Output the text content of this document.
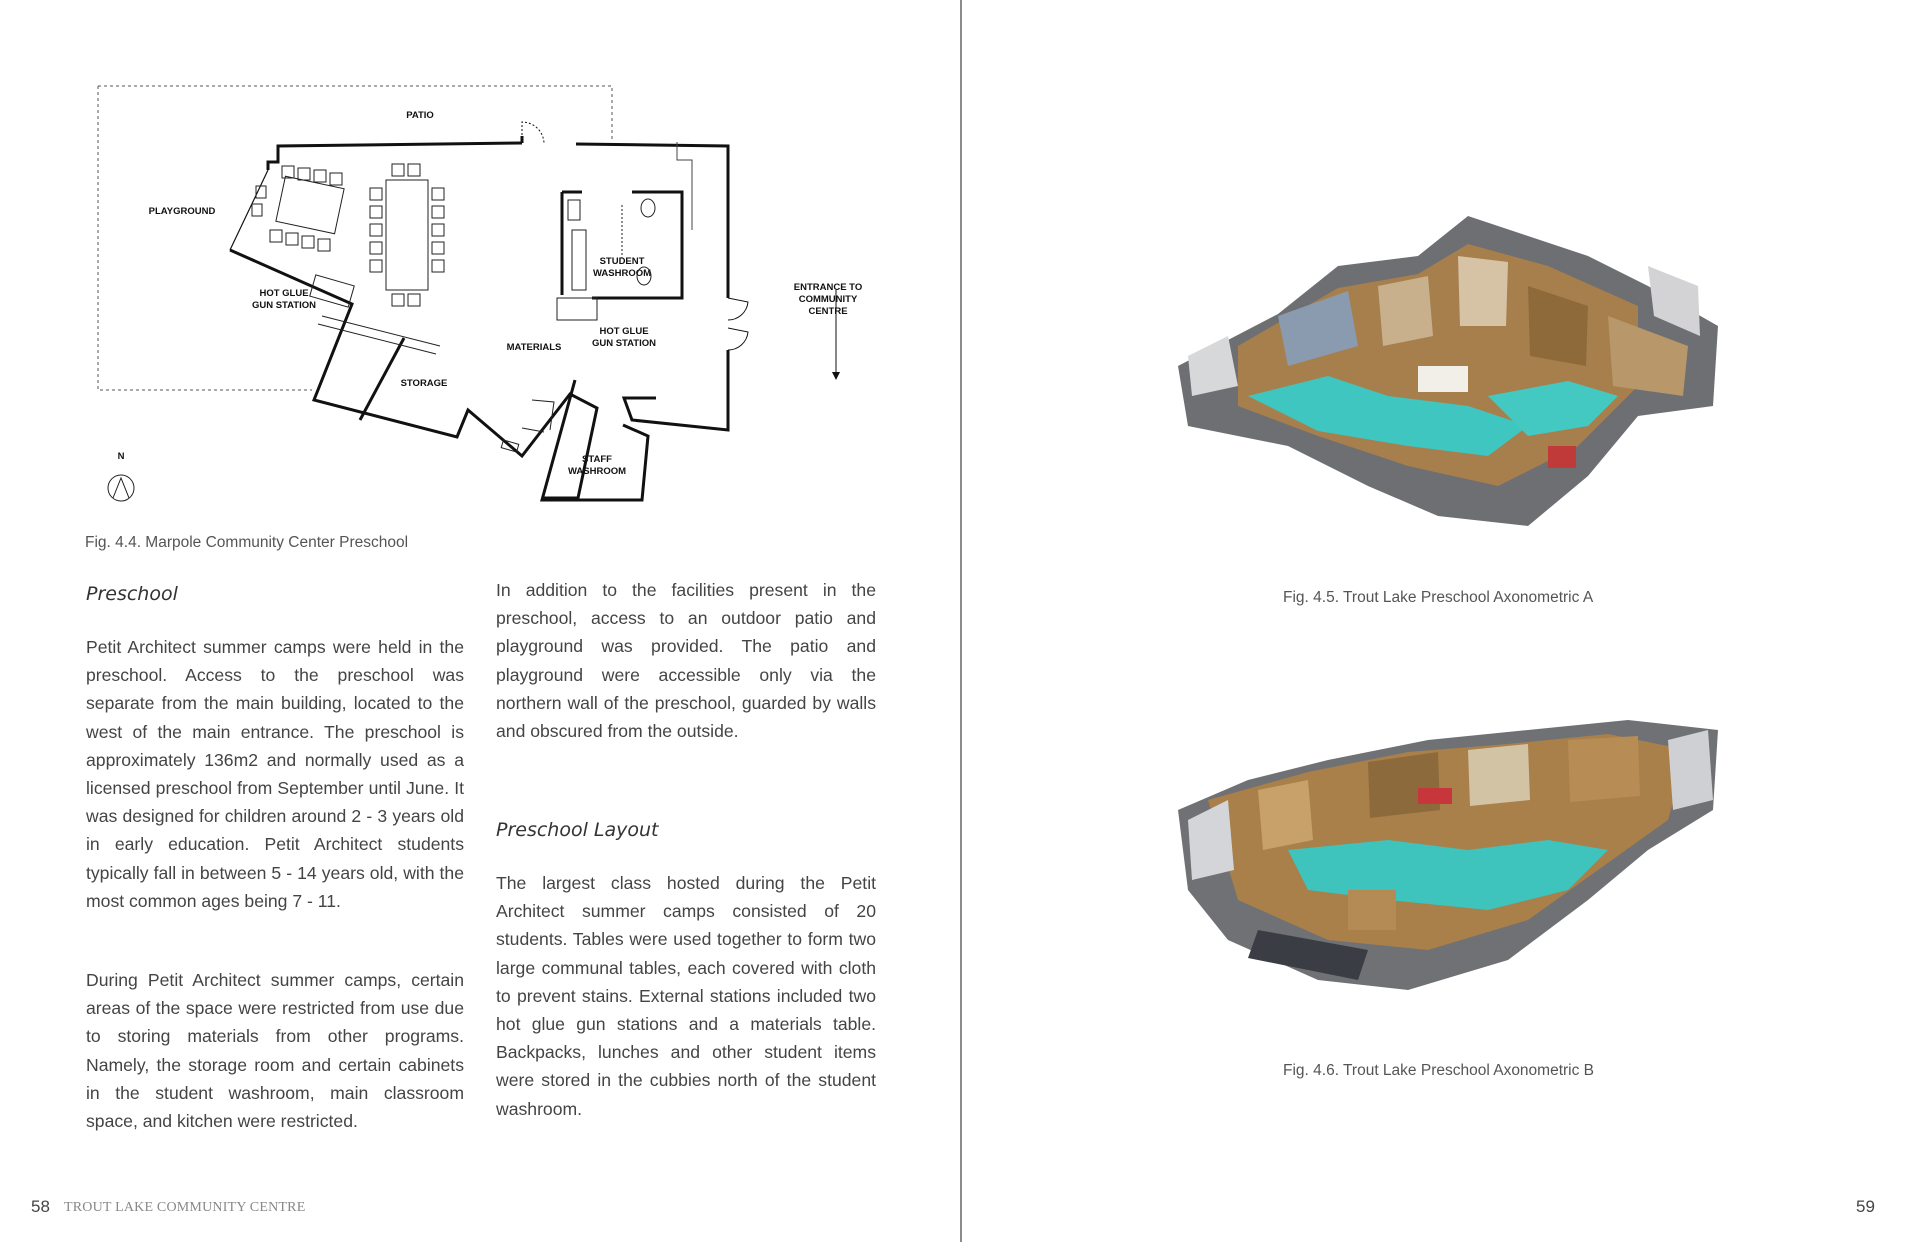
PATIO
PLAYGROUND
HOT GLUE
GUN STATION
STUDENT
WASHROOM
ENTRANCE TO
COMMUNITY
CENTRE
HOT GLUE
GUN STATION
MATERIALS
STORAGE
STAFF
WASHROOM
N
Fig. 4.4. Marpole Community Center Preschool
Preschool

Petit Architect summer camps were held in the preschool. Access to the preschool was separate from the main building, located to the west of the main entrance. The preschool is approximately 136m2 and normally used as a licensed preschool from September until June. It was designed for children around 2 - 3 years old in early education. Petit Architect students typically fall in between 5 - 14 years old, with the most common ages being 7 - 11.

During Petit Architect summer camps, certain areas of the space were restricted from use due to storing materials from other programs. Namely, the storage room and certain cabinets in the student washroom, main classroom space, and kitchen were restricted.

In addition to the facilities present in the preschool, access to an outdoor patio and playground was provided. The patio and playground were accessible only via the northern wall of the preschool, guarded by walls and obscured from the outside.

Preschool Layout

The largest class hosted during the Petit Architect summer camps consisted of 20 students. Tables were used together to form two large communal tables, each covered with cloth to prevent stains. External stations included two hot glue gun stations and a materials table. Backpacks, lunches and other student items were stored in the cubbies north of the student washroom.

58 TROUT LAKE COMMUNITY CENTRE
Fig. 4.5. Trout Lake Preschool Axonometric A
Fig. 4.6. Trout Lake Preschool Axonometric B
59
